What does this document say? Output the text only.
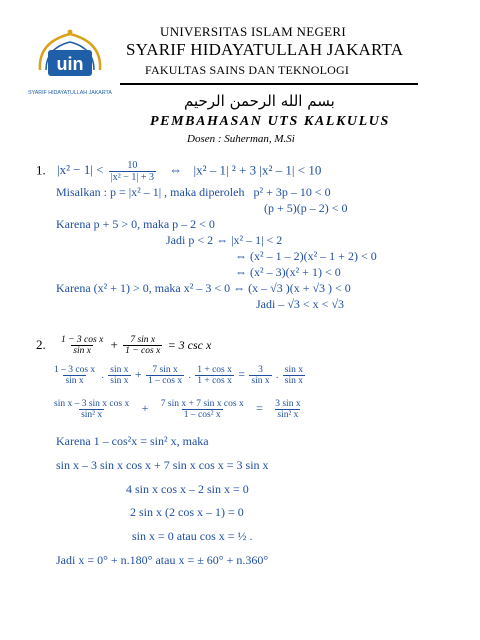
uin
SYARIF HIDAYATULLAH JAKARTA
UNIVERSITAS ISLAM NEGERI
SYARIF HIDAYATULLAH JAKARTA
FAKULTAS SAINS DAN TEKNOLOGI
بسم الله الرحمن الرحيم
PEMBAHASAN UTS KALKULUS
Dosen : Suherman, M.Si
1. $|x^2 - 1| < \frac{10}{\text{|x² − 1| + 3}}$ ⇔ |x² – 1| ² + 3 |x² – 1| < 10
Misalkan : p = |x² – 1| , maka diperoleh p² + 3p – 10 < 0
(p + 5)(p – 2) < 0
Karena p + 5 > 0, maka p – 2 < 0
Jadi p < 2 ⇔ |x² – 1| < 2
⇔ (x² – 1 – 2)(x² – 1 + 2) < 0
⇔ (x² – 3)(x² + 1) < 0
Karena (x² + 1) > 0, maka x² – 3 < 0 ⇔ (x – √3 )(x + √3 ) < 0
Jadi – √3 < x < √3
2. $\frac{\text{1 − 3 cos x}}{\text{sin x}} + \frac{\text{7 sin x}}{\text{1 − cos x}} = 3$ csc x
$\frac{\text{1 – 3 cos x}}{\text{sin x}}$ . $\frac{\text{sin x}}{\text{sin x}} + \frac{\text{7 sin x}}{\text{1 – cos x}}$ . $\frac{\text{1 + cos x}}{\text{1 + cos x}} = \frac{3}{\text{sin x}}$ . $\frac{\text{sin x}}{\text{sin x}}$
$\frac{\text{sin x – 3 sin x cos x}}{\text{sin² x}} + \frac{\text{7 sin x + 7 sin x cos x}}{\text{1 – cos² x}} = \frac{\text{3 sin x}}{\text{sin² x}}$
Karena 1 – cos²x = sin² x, maka
sin x – 3 sin x cos x + 7 sin x cos x = 3 sin x
4 sin x cos x – 2 sin x = 0
2 sin x (2 cos x – 1) = 0
sin x = 0 atau cos x = ½ .
Jadi x = 0° + n.180° atau x = ± 60° + n.360°
